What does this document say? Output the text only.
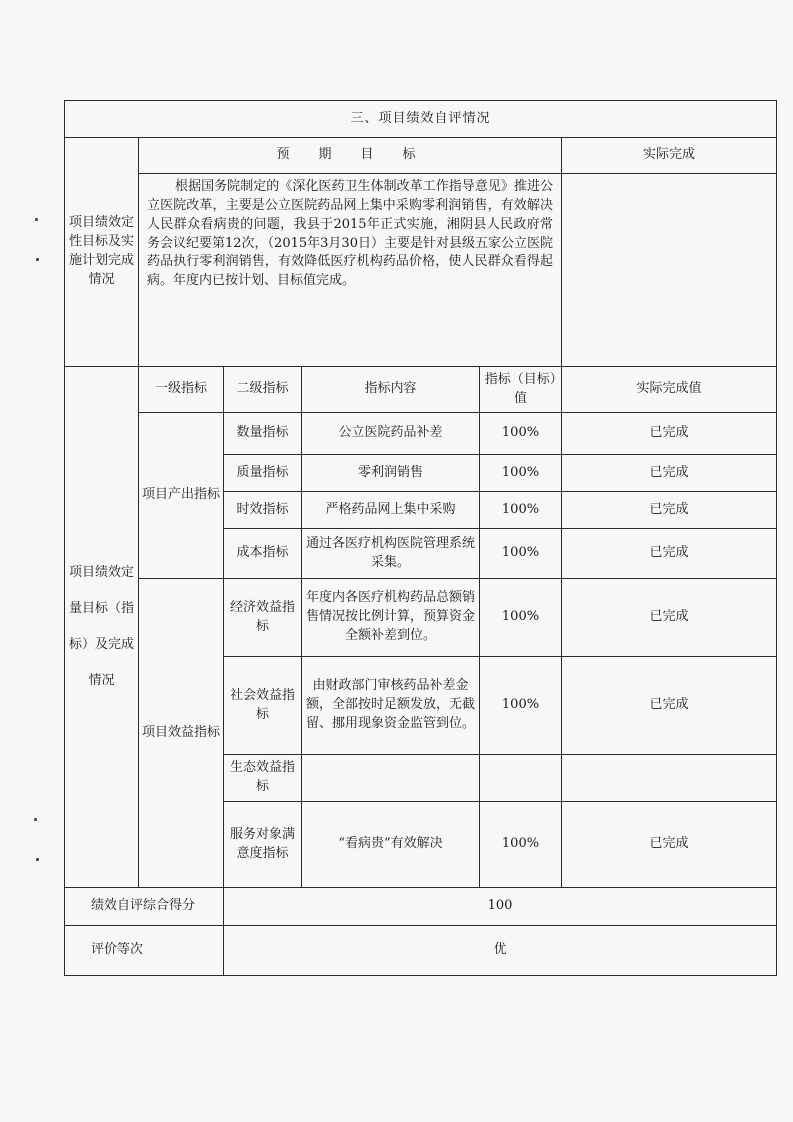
三、项目绩效自评情况					
项目绩效定性目标及实施计划完成情况	预　期　目　标				实际完成
	根据国务院制定的《深化医药卫生体制改革工作指导意见》推进公立医院改革，主要是公立医院药品网上集中采购零利润销售，有效解决人民群众看病贵的问题，我县于2015年正式实施，湘阴县人民政府常务会议纪要第12次，（2015年3月30日）主要是针对县级五家公立医院药品执行零利润销售，有效降低医疗机构药品价格，使人民群众看得起病。年度内已按计划、目标值完成。				
项目绩效定量目标（指标）及完成情况	一级指标	二级指标	指标内容	指标（目标）值	实际完成值
	项目产出指标	数量指标	公立医院药品补差	100%	已完成
		质量指标	零利润销售	100%	已完成
		时效指标	严格药品网上集中采购	100%	已完成
		成本指标	通过各医疗机构医院管理系统采集。	100%	已完成
	项目效益指标	经济效益指标	年度内各医疗机构药品总额销售情况按比例计算，预算资金全额补差到位。	100%	已完成
		社会效益指标	由财政部门审核药品补差金额，全部按时足额发放，无截留、挪用现象资金监管到位。	100%	已完成
		生态效益指标			
		服务对象满意度指标	“看病贵”有效解决	100%	已完成
绩效自评综合得分		100			
评价等次		优			
